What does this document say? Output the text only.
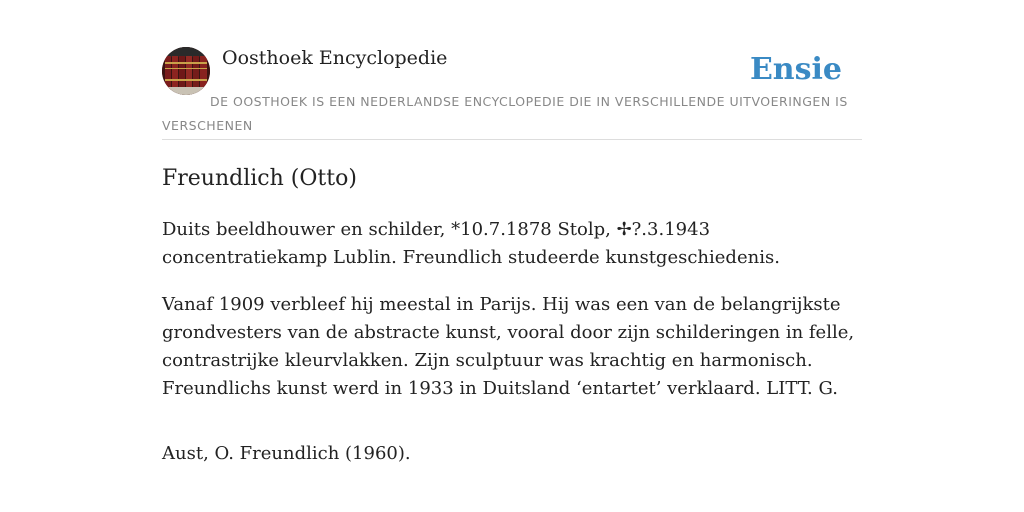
Oosthoek Encyclopedie	Ensie
DE OOSTHOEK IS EEN NEDERLANDSE ENCYCLOPEDIE DIE IN VERSCHILLENDE UITVOERINGEN IS VERSCHENEN
Freundlich (Otto)

Duits beeldhouwer en schilder, *10.7.1878 Stolp, ✢?.3.1943 concentratiekamp Lublin. Freundlich studeerde kunstgeschiedenis.

Vanaf 1909 verbleef hij meestal in Parijs. Hij was een van de belangrijkste grondvesters van de abstracte kunst, vooral door zijn schilderingen in felle, contrastrijke kleurvlakken. Zijn sculptuur was krachtig en harmonisch. Freundlichs kunst werd in 1933 in Duitsland ‘entartet’ verklaard. LITT. G.

Aust, O. Freundlich (1960).
